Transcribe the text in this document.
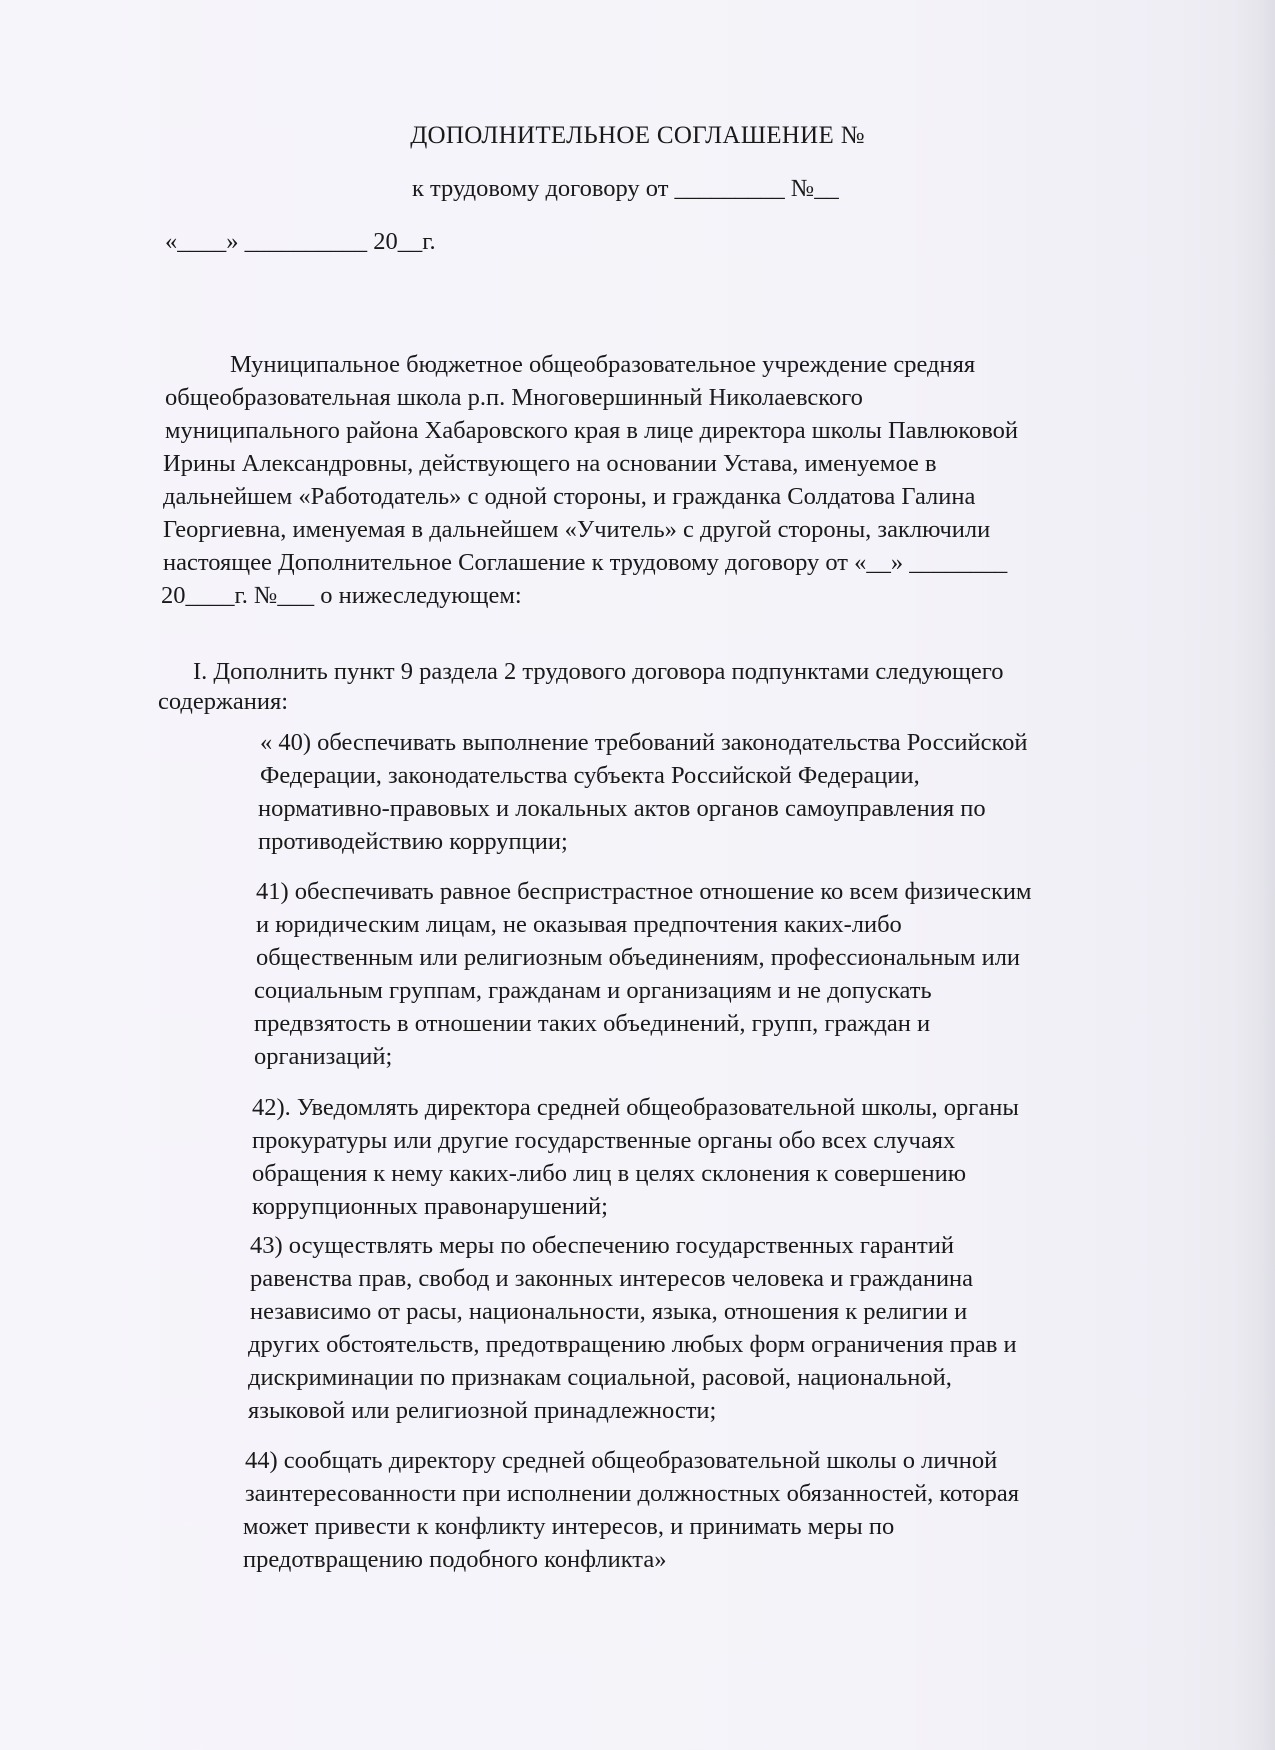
ДОПОЛНИТЕЛЬНОЕ СОГЛАШЕНИЕ №
к трудовому договору от _________ №__
«____» __________ 20__г.
Муниципальное бюджетное общеобразовательное учреждение средняя
общеобразовательная школа р.п. Многовершинный Николаевского
муниципального района Хабаровского края в лице директора школы Павлюковой
Ирины Александровны, действующего на основании Устава, именуемое в
дальнейшем «Работодатель» с одной стороны, и гражданка Солдатова Галина
Георгиевна, именуемая в дальнейшем «Учитель» с другой стороны, заключили
настоящее Дополнительное Соглашение к трудовому договору от «__» ________
20____г. №___ о нижеследующем:
I. Дополнить пункт 9 раздела 2 трудового договора подпунктами следующего
содержания:
« 40) обеспечивать выполнение требований законодательства Российской
Федерации, законодательства субъекта Российской Федерации,
нормативно-правовых и локальных актов органов самоуправления по
противодействию коррупции;
41) обеспечивать равное беспристрастное отношение ко всем физическим
и юридическим лицам, не оказывая предпочтения каких-либо
общественным или религиозным объединениям, профессиональным или
социальным группам, гражданам и организациям и не допускать
предвзятость в отношении таких объединений, групп, граждан и
организаций;
42). Уведомлять директора средней общеобразовательной школы, органы
прокуратуры или другие государственные органы обо всех случаях
обращения к нему каких-либо лиц в целях склонения к совершению
коррупционных правонарушений;
43) осуществлять меры по обеспечению государственных гарантий
равенства прав, свобод и законных интересов человека и гражданина
независимо от расы, национальности, языка, отношения к религии и
других обстоятельств, предотвращению любых форм ограничения прав и
дискриминации по признакам социальной, расовой, национальной,
языковой или религиозной принадлежности;
44) сообщать директору средней общеобразовательной школы о личной
заинтересованности при исполнении должностных обязанностей, которая
может привести к конфликту интересов, и принимать меры по
предотвращению подобного конфликта»
